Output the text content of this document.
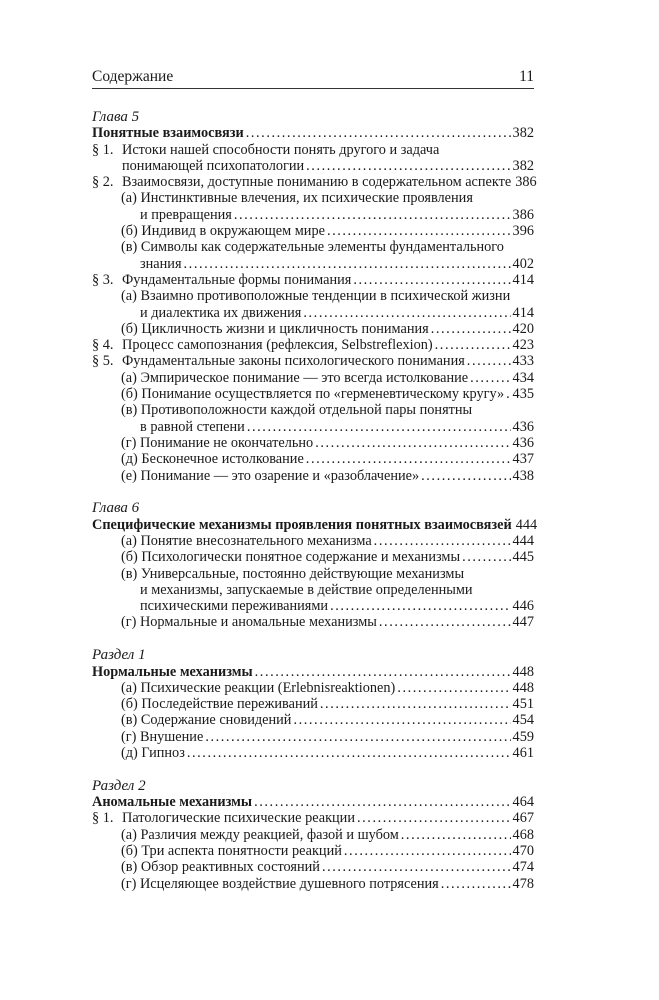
Содержание	11
Глава 5
Понятные взаимосвязи . . .	382
§ 1. Истоки нашей способности понять другого и задача
понимающей психопатологии . . .	382
§ 2. Взаимосвязи, доступные пониманию в содержательном аспекте 386
(а) Инстинктивные влечения, их психические проявления
и превращения . . .	386
(б) Индивид в окружающем мире . . .	396
(в) Символы как содержательные элементы фундаментального
знания . . .	402
§ 3. Фундаментальные формы понимания . . .	414
(а) Взаимно противоположные тенденции в психической жизни
и диалектика их движения . . .	414
(б) Цикличность жизни и цикличность понимания . . .	420
§ 4. Процесс самопознания (рефлексия, Selbstreflexion) . . .	423
§ 5. Фундаментальные законы психологического понимания . . .	433
(а) Эмпирическое понимание — это всегда истолкование . . .	434
(б) Понимание осуществляется по «герменевтическому кругу» . . . 435
(в) Противоположности каждой отдельной пары понятны
в равной степени . . .	436
(г) Понимание не окончательно . . .	436
(д) Бесконечное истолкование . . .	437
(е) Понимание — это озарение и «разоблачение» . . .	438
Глава 6
Специфические механизмы проявления понятных взаимосвязей 444
(а) Понятие внесознательного механизма . . .	444
(б) Психологически понятное содержание и механизмы . . .	445
(в) Универсальные, постоянно действующие механизмы
и механизмы, запускаемые в действие определенными
психическими переживаниями . . .	446
(г) Нормальные и аномальные механизмы . . .	447
Раздел 1
Нормальные механизмы . . .	448
(а) Психические реакции (Erlebnisreaktionen) . . .	448
(б) Последействие переживаний . . .	451
(в) Содержание сновидений . . .	454
(г) Внушение . . .	459
(д) Гипноз . . .	461
Раздел 2
Аномальные механизмы . . .	464
§ 1. Патологические психические реакции . . .	467
(а) Различия между реакцией, фазой и шубом . . .	468
(б) Три аспекта понятности реакций . . .	470
(в) Обзор реактивных состояний . . .	474
(г) Исцеляющее воздействие душевного потрясения . . .	478
